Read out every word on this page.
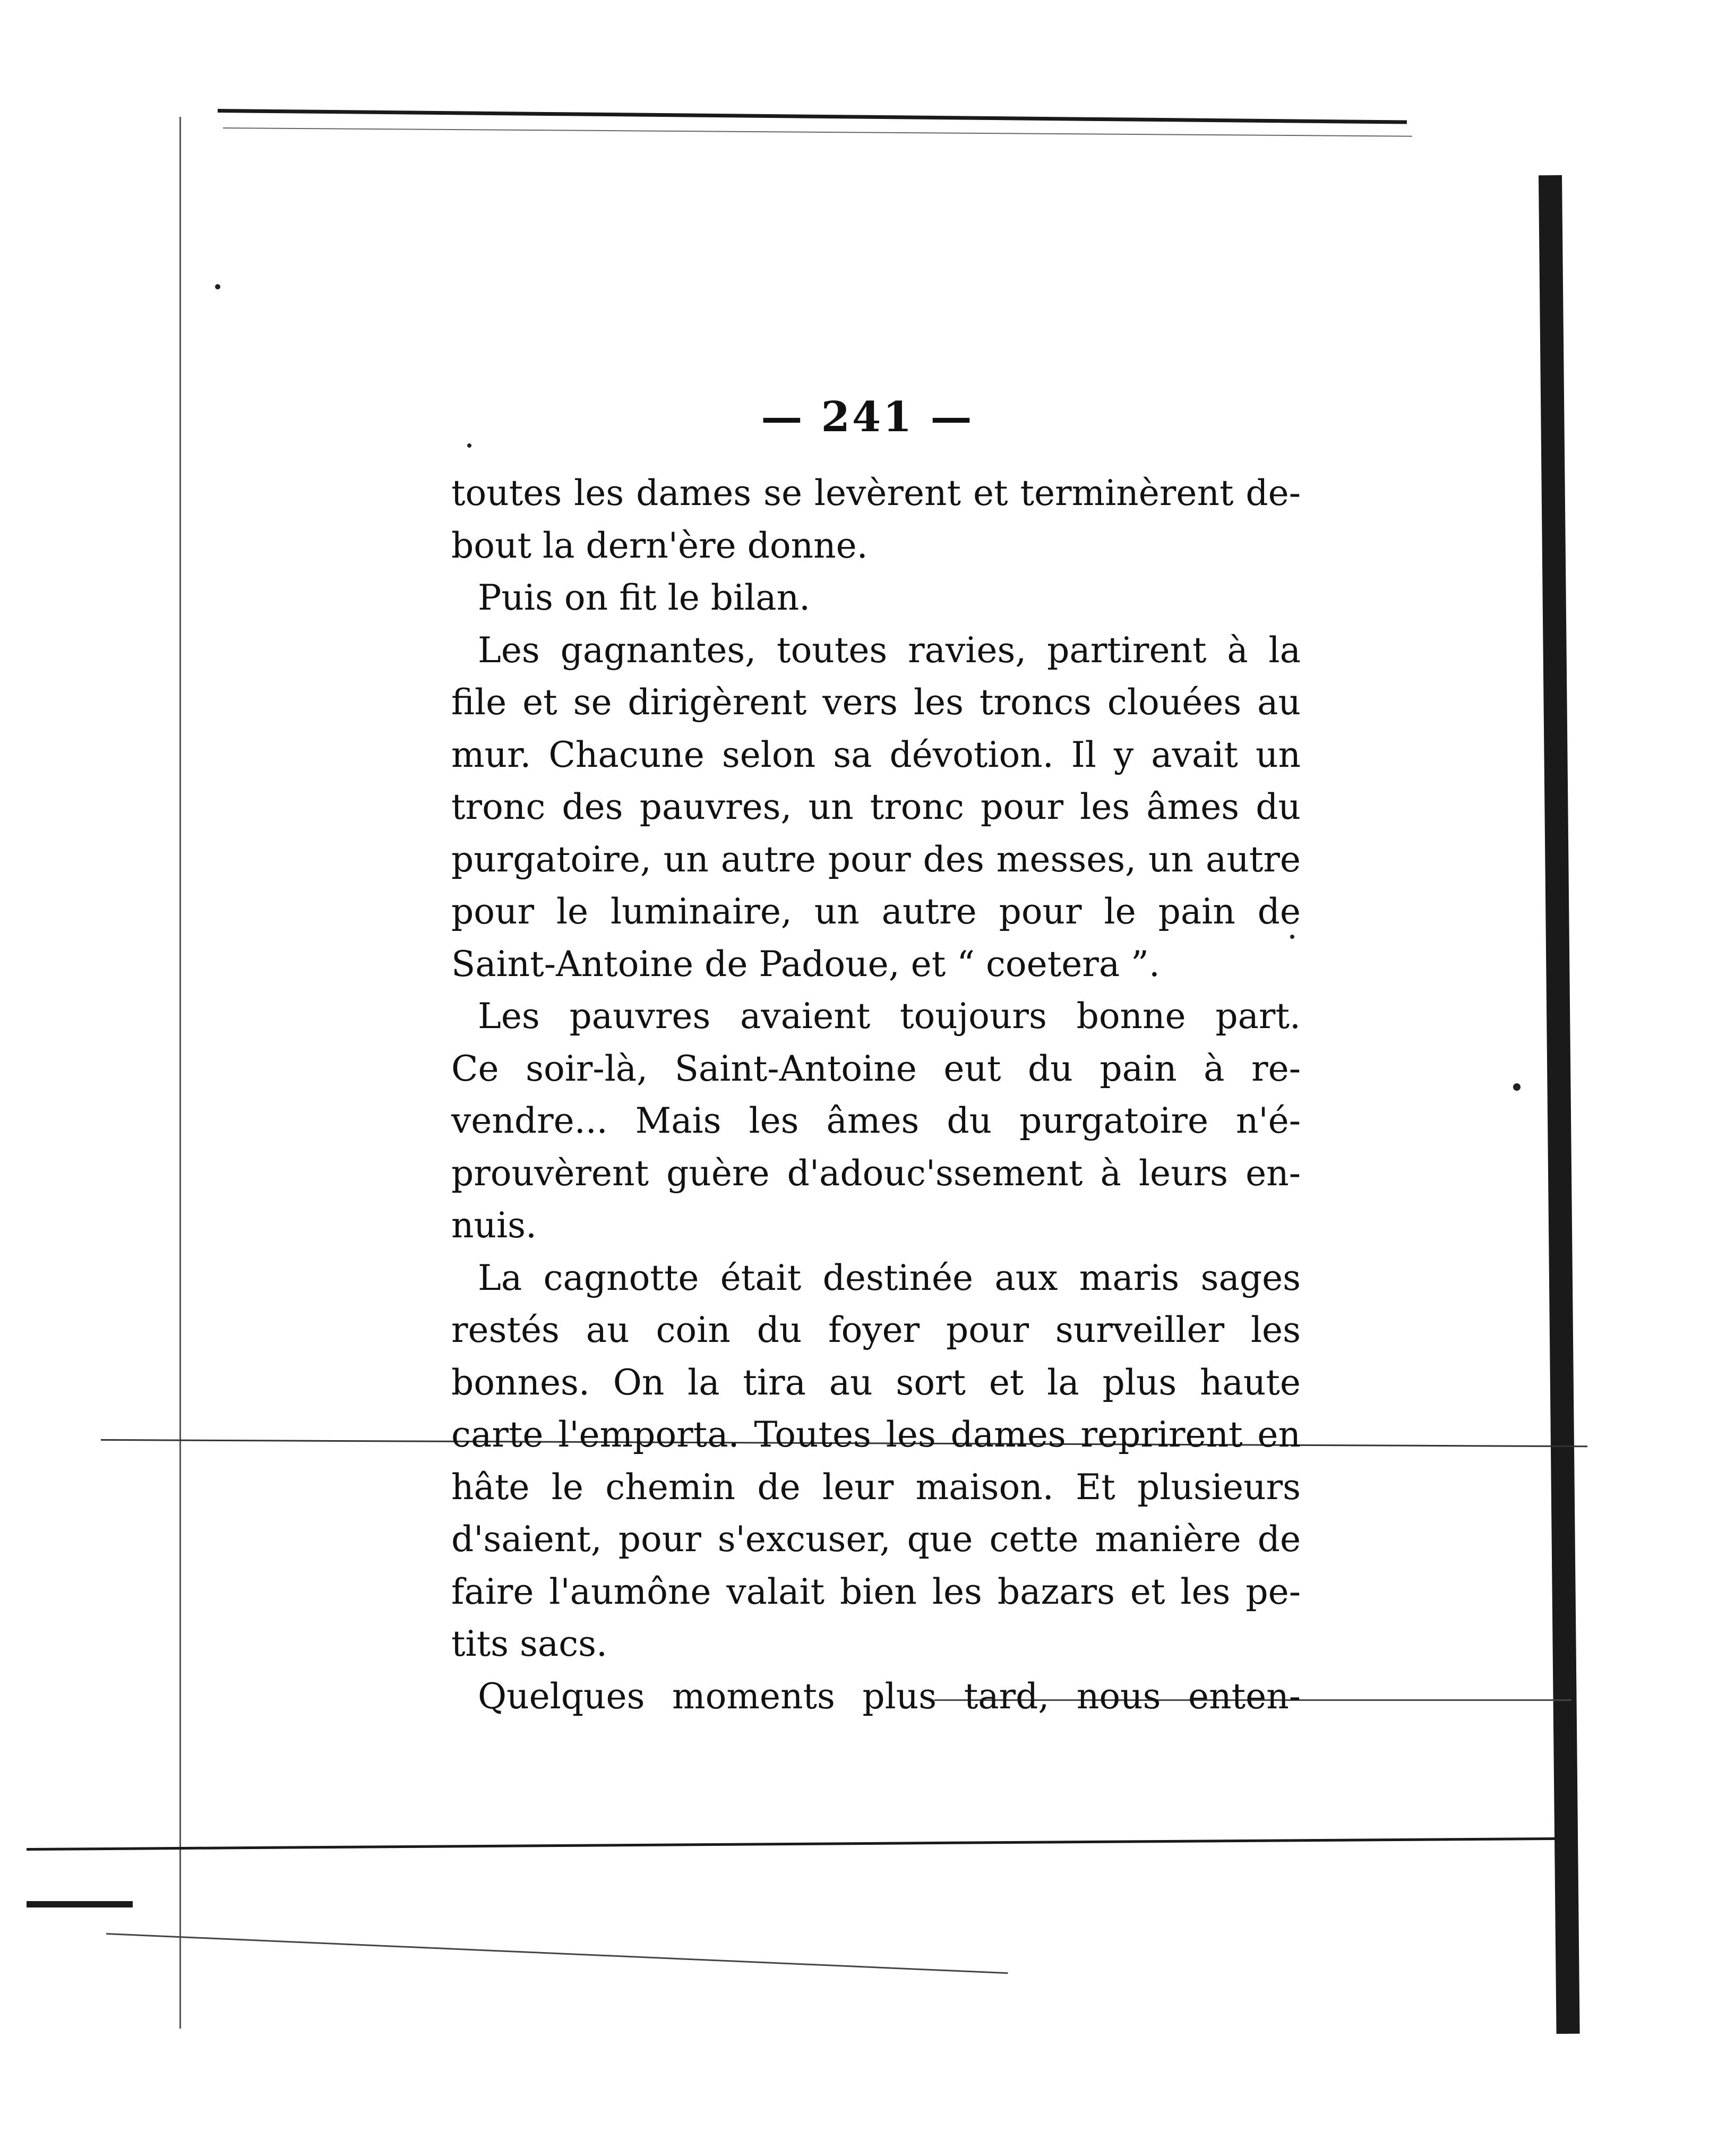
— 241 —
toutes les dames se levèrent et terminèrent de-
bout la dern'ère donne.
Puis on fit le bilan.
Les gagnantes, toutes ravies, partirent à la
file et se dirigèrent vers les troncs clouées au
mur. Chacune selon sa dévotion. Il y avait un
tronc des pauvres, un tronc pour les âmes du
purgatoire, un autre pour des messes, un autre
pour le luminaire, un autre pour le pain de
Saint-Antoine de Padoue, et “ coetera ”.
Les pauvres avaient toujours bonne part.
Ce soir-là, Saint-Antoine eut du pain à re-
vendre... Mais les âmes du purgatoire n'é-
prouvèrent guère d'adouc'ssement à leurs en-
nuis.
La cagnotte était destinée aux maris sages
restés au coin du foyer pour surveiller les
bonnes. On la tira au sort et la plus haute
carte l'emporta. Toutes les dames reprirent en
hâte le chemin de leur maison. Et plusieurs
d'saient, pour s'excuser, que cette manière de
faire l'aumône valait bien les bazars et les pe-
tits sacs.
Quelques moments plus tard, nous enten-
